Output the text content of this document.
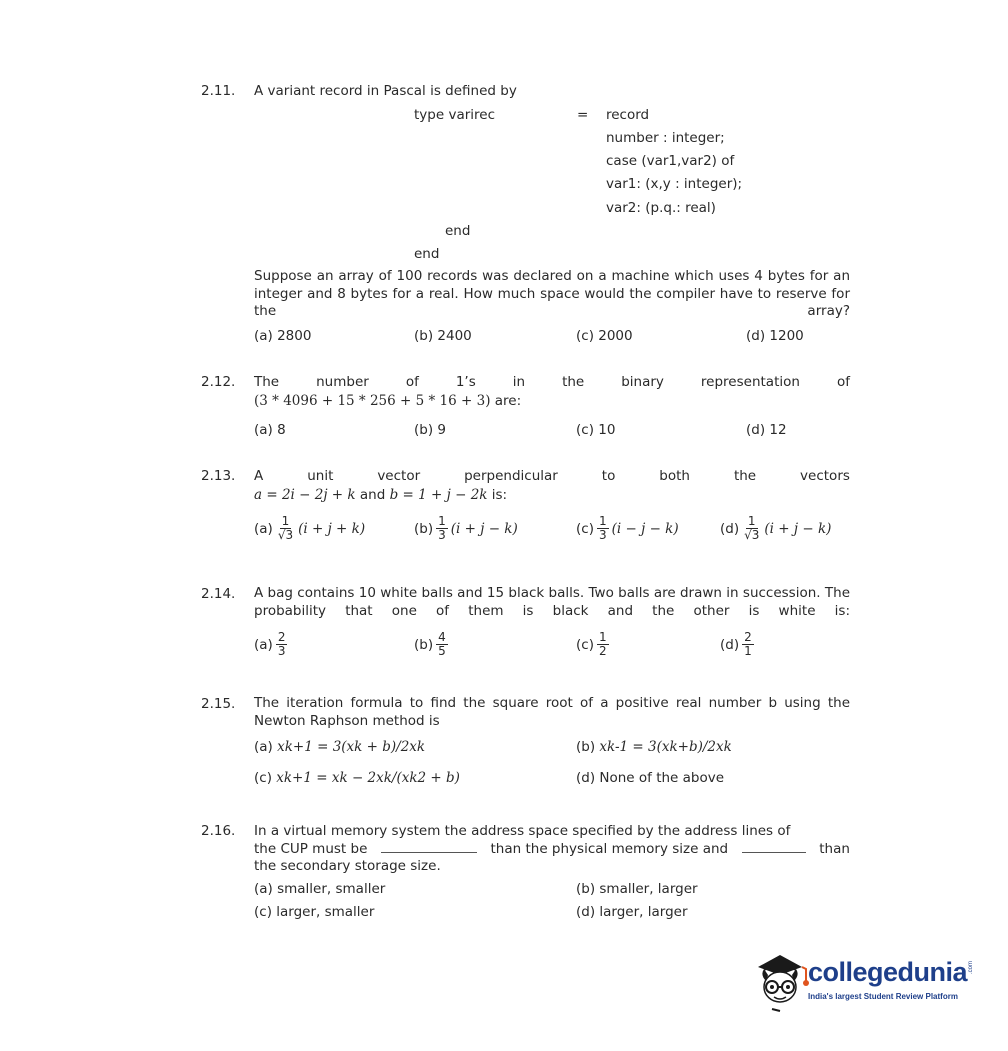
2.11. A variant record in Pascal is defined by
type varirec	= record
number : integer;
case (var1,var2) of
var1: (x,y : integer);
var2: (p.q.: real)
end
end
Suppose an array of 100 records was declared on a machine which uses 4 bytes for an integer and 8 bytes for a real. How much space would the compiler have to reserve for the array?
(a) 2800	(b) 2400	(c) 2000	(d) 1200
2.12. The	number	of	1’s	in	the	binary	representation	of
(3 * 4096 + 15 * 256 + 5 * 16 + 3) are:
(a) 8	(b) 9	(c) 10	(d) 12
2.13. A	unit	vector	perpendicular	to	both	the	vectors
a = 2i − 2j + k and b = 1 + j − 2k is:
$(a) \frac{1}{√3} (i + j + k)$	$(b) \frac{1}{3} (i + j - k)$	$(c) \frac{1}{3} (i - j - k)$	$(d) \frac{1}{√3} (i + j - k)$
2.14. A bag contains 10 white balls and 15 black balls. Two balls are drawn in succession. The probability that one of them is black and the other is white is:
$(a) \frac{2}{3}$	$(b) \frac{4}{5}$	$(c) \frac{1}{2}$	$(d) \frac{2}{1}$
2.15. The iteration formula to find the square root of a positive real number b using the Newton Raphson method is
(a) xk+1 = 3(xk + b)/2xk	(b) xk-1 = 3(xk+b)/2xk
(c) xk+1 = xk − 2xk/(xk2 + b)	(d) None of the above
2.16. In a virtual memory system the address space specified by the address lines of
the CUP must be	than the physical memory size and	than
the secondary storage size.
(a) smaller, smaller	(b) smaller, larger
(c) larger, smaller	(d) larger, larger
collegedunia .com
India's largest Student Review Platform
